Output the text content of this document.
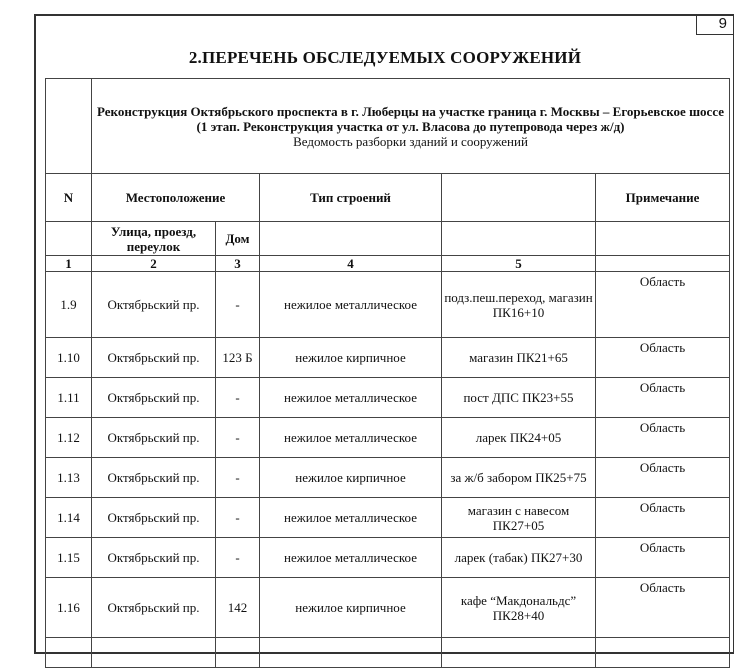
9
2.ПЕРЕЧЕНЬ ОБСЛЕДУЕМЫХ СООРУЖЕНИЙ
	Реконструкция Октябрьского проспекта в г. Люберцы на участке граница г. Москвы – Егорьевское шоссе (1 этап. Реконструкция участка от ул. Власова до путепровода через ж/д)
Ведомость разборки зданий и сооружений				

N	Местоположение		Тип строений		Примечание
	Улица, проезд, переулок	Дом			
1	2	3	4	5	
1.9	Октябрьский пр.	-	нежилое металлическое	подз.пеш.переход, магазин ПК16+10	Область
1.10	Октябрьский пр.	123 Б	нежилое кирпичное	магазин ПК21+65	Область
1.11	Октябрьский пр.	-	нежилое металлическое	пост ДПС ПК23+55	Область
1.12	Октябрьский пр.	-	нежилое металлическое	ларек ПК24+05	Область
1.13	Октябрьский пр.	-	нежилое кирпичное	за ж/б забором ПК25+75	Область
1.14	Октябрьский пр.	-	нежилое металлическое	магазин с навесом ПК27+05	Область
1.15	Октябрьский пр.	-	нежилое металлическое	ларек (табак) ПК27+30	Область
1.16	Октябрьский пр.	142	нежилое кирпичное	кафе “Макдональдс” ПК28+40	Область
